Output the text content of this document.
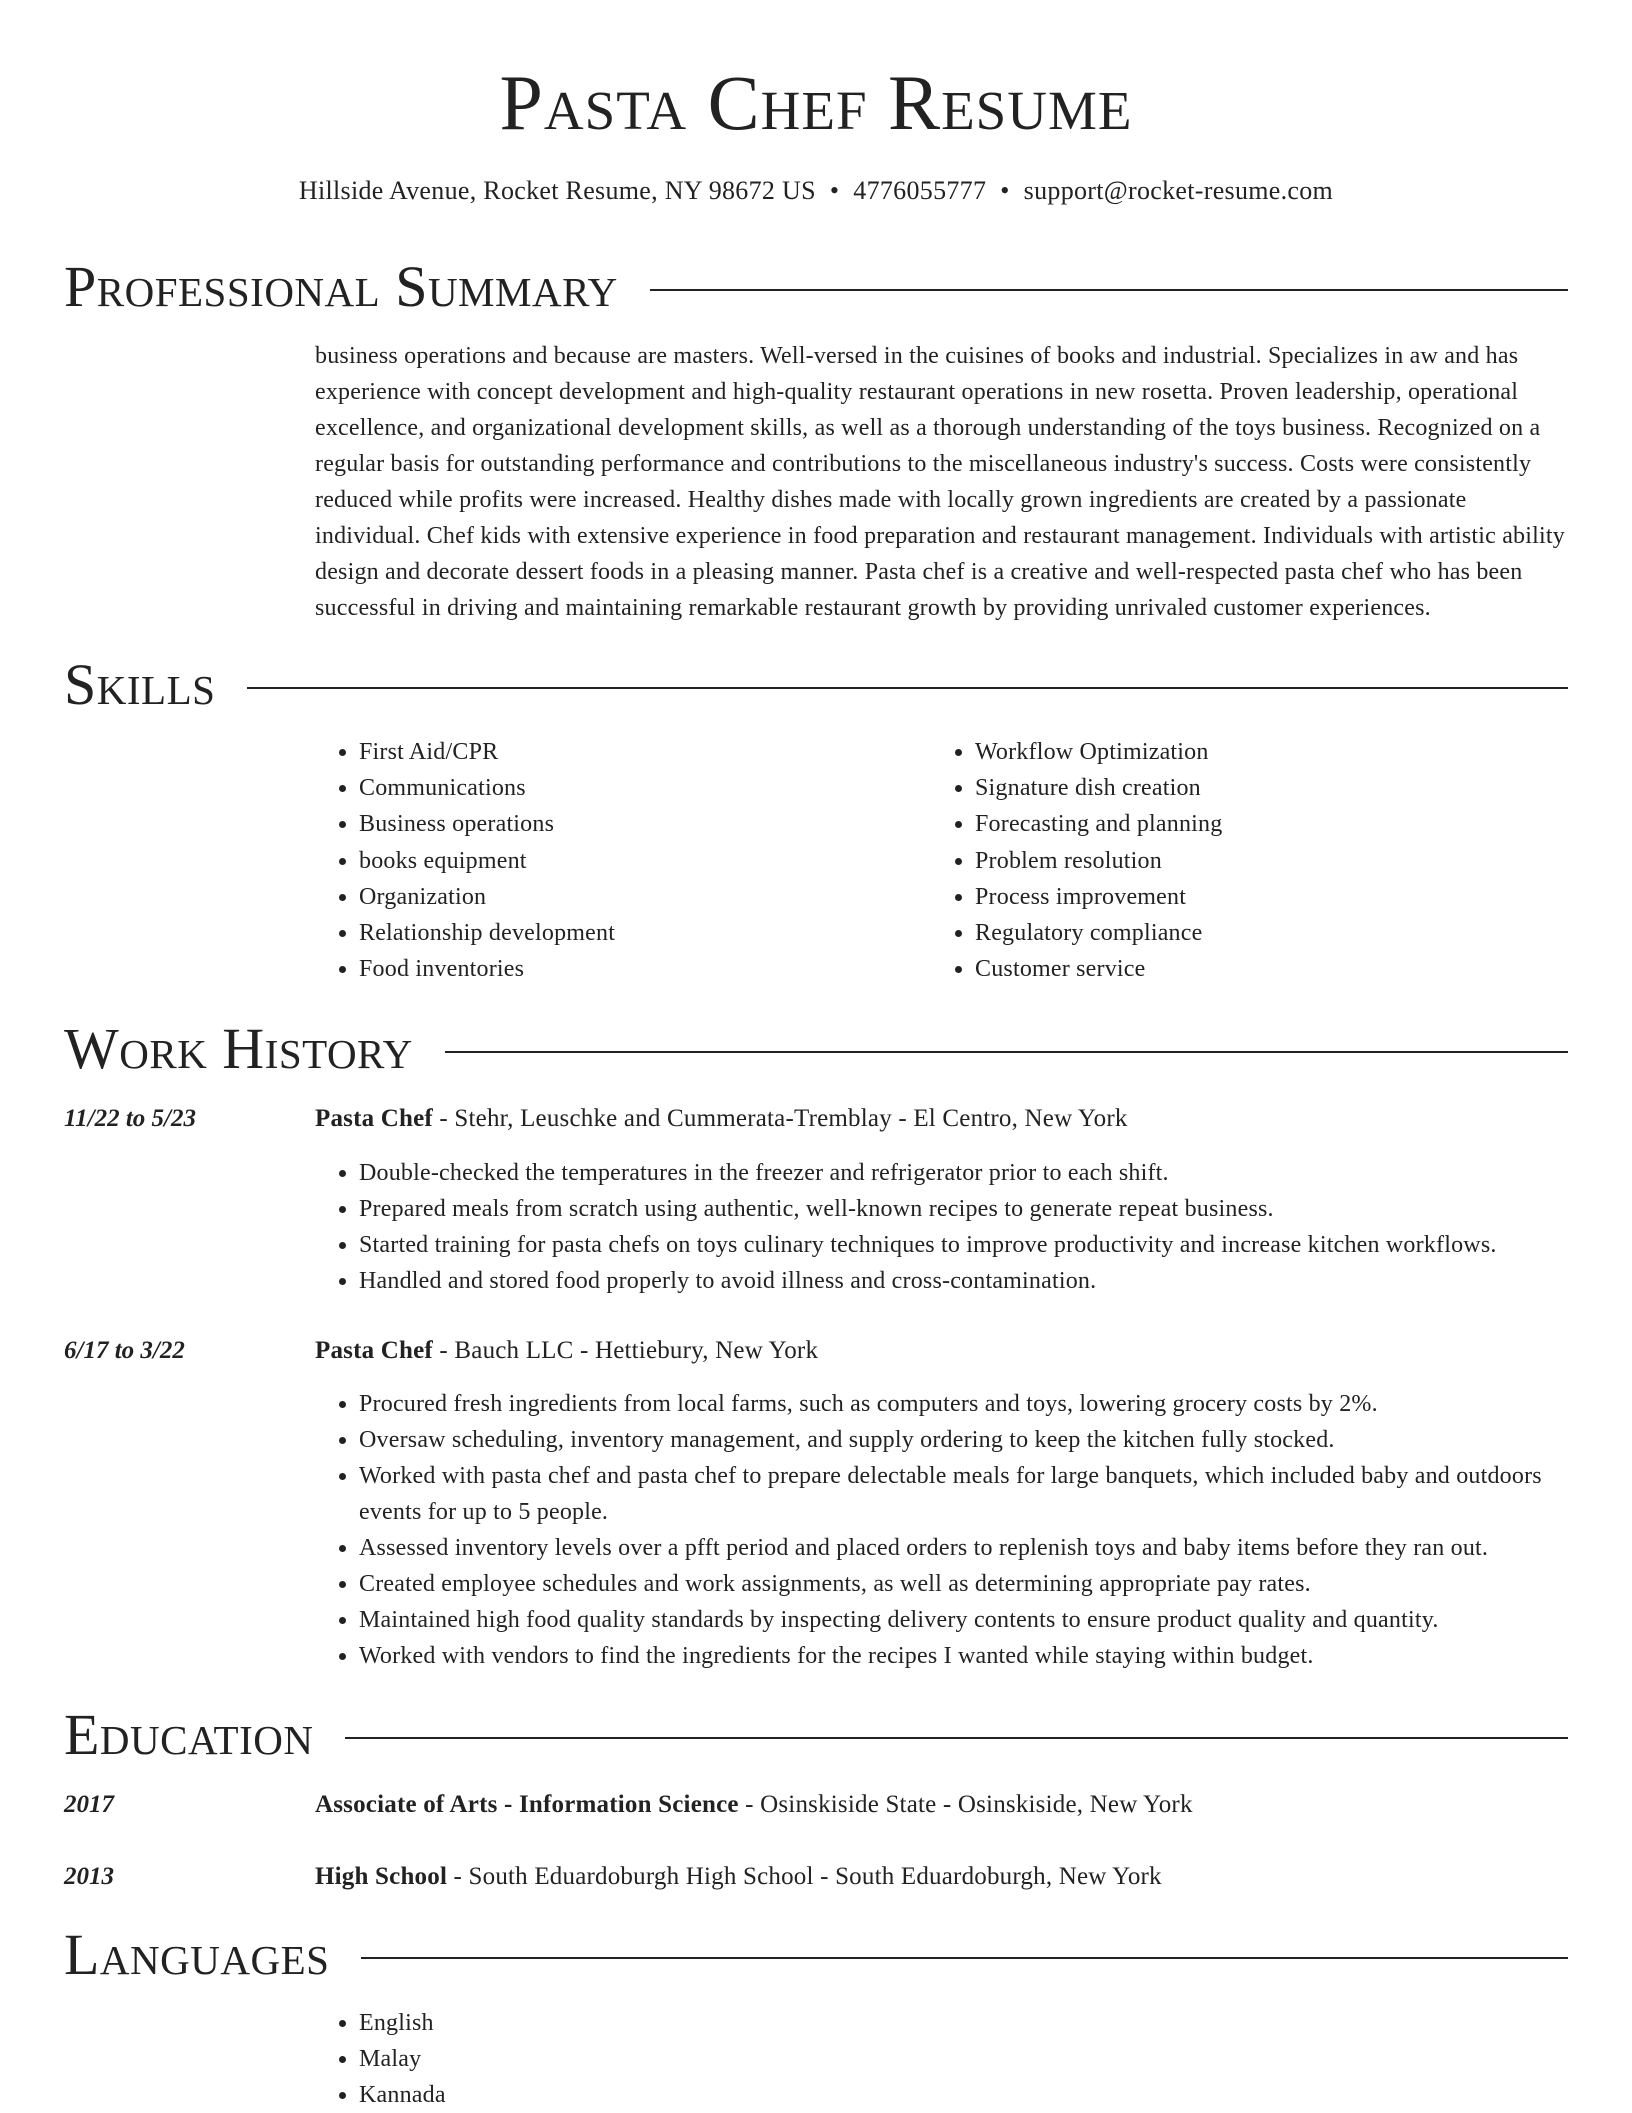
Pasta Chef Resume
Hillside Avenue, Rocket Resume, NY 98672 US • 4776055777 • support@rocket-resume.com
Professional Summary
business operations and because are masters. Well-versed in the cuisines of books and industrial. Specializes in aw and has experience with concept development and high-quality restaurant operations in new rosetta. Proven leadership, operational excellence, and organizational development skills, as well as a thorough understanding of the toys business. Recognized on a regular basis for outstanding performance and contributions to the miscellaneous industry's success. Costs were consistently reduced while profits were increased. Healthy dishes made with locally grown ingredients are created by a passionate individual. Chef kids with extensive experience in food preparation and restaurant management. Individuals with artistic ability design and decorate dessert foods in a pleasing manner. Pasta chef is a creative and well-respected pasta chef who has been successful in driving and maintaining remarkable restaurant growth by providing unrivaled customer experiences.
Skills
• First Aid/CPR
• Communications
• Business operations
• books equipment
• Organization
• Relationship development
• Food inventories
• Workflow Optimization
• Signature dish creation
• Forecasting and planning
• Problem resolution
• Process improvement
• Regulatory compliance
• Customer service
Work History
11/22 to 5/23	Pasta Chef - Stehr, Leuschke and Cummerata-Tremblay - El Centro, New York
• Double-checked the temperatures in the freezer and refrigerator prior to each shift.
• Prepared meals from scratch using authentic, well-known recipes to generate repeat business.
• Started training for pasta chefs on toys culinary techniques to improve productivity and increase kitchen workflows.
• Handled and stored food properly to avoid illness and cross-contamination.
6/17 to 3/22	Pasta Chef - Bauch LLC - Hettiebury, New York
• Procured fresh ingredients from local farms, such as computers and toys, lowering grocery costs by 2%.
• Oversaw scheduling, inventory management, and supply ordering to keep the kitchen fully stocked.
• Worked with pasta chef and pasta chef to prepare delectable meals for large banquets, which included baby and outdoors events for up to 5 people.
• Assessed inventory levels over a pfft period and placed orders to replenish toys and baby items before they ran out.
• Created employee schedules and work assignments, as well as determining appropriate pay rates.
• Maintained high food quality standards by inspecting delivery contents to ensure product quality and quantity.
• Worked with vendors to find the ingredients for the recipes I wanted while staying within budget.
Education
2017	Associate of Arts - Information Science - Osinskiside State - Osinskiside, New York
2013	High School - South Eduardoburgh High School - South Eduardoburgh, New York
Languages
• English
• Malay
• Kannada
